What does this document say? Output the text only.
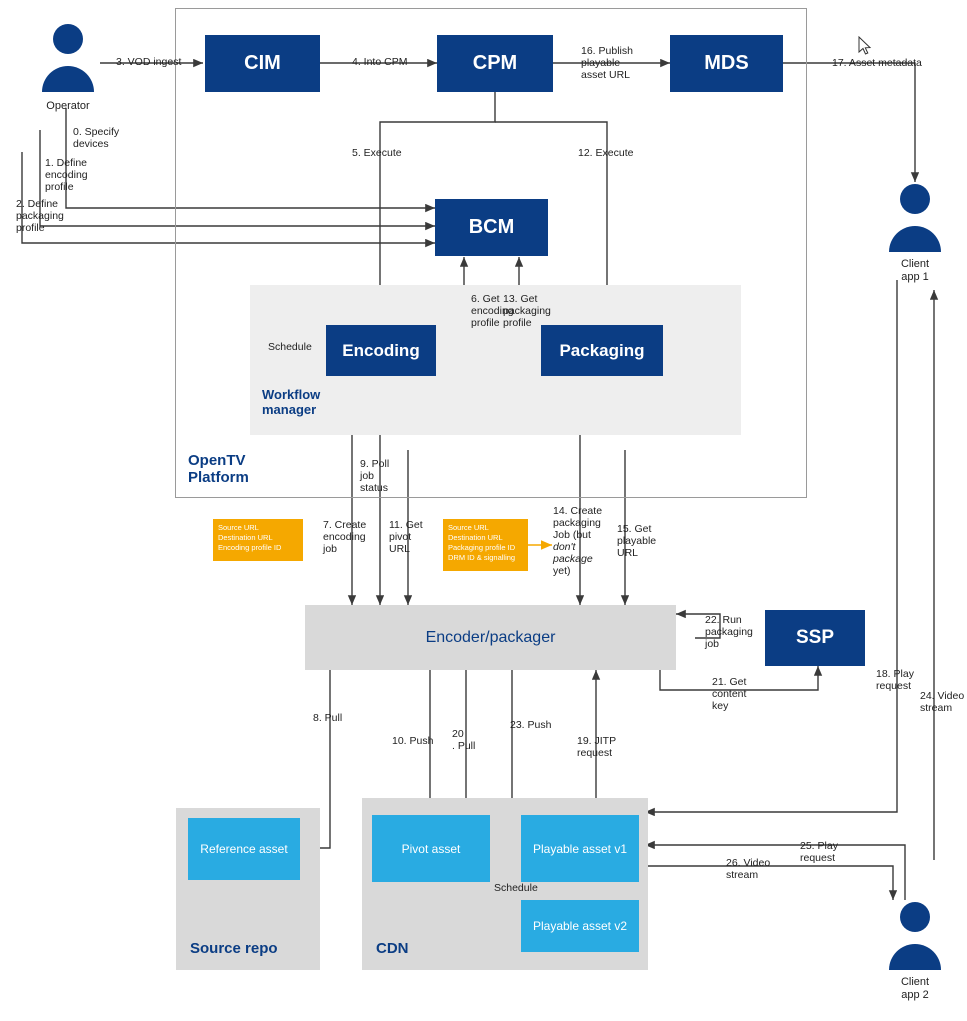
OpenTV
Platform
Workflow
manager
CIM	CPM	MDS
BCM
Encoding	Packaging
Encoder/packager	SSP
Source repo
Reference asset
CDN
Pivot asset	Playable asset v1
Playable asset v2
Source URL
Destination URL
Encoding profile ID
Source URL
Destination URL
Packaging profile ID
DRM ID & signalling
Operator
Client
app 1
Client
app 2
3. VOD ingest	4. Into CPM
16. Publish
playable
asset URL
17. Asset metadata
0. Specify
devices
1. Define
encoding
profile
2. Define
packaging
profile
5. Execute	12. Execute
6. Get
encoding
profile
13. Get
packaging
profile
Schedule
9. Poll
job
status
7. Create
encoding
job
11. Get
pivot
URL
14. Create
packaging
Job (but
don't
package
yet)
15. Get
playable
URL
8. Pull
10. Push
20
. Pull
23. Push
19. JITP
request
22. Run
packaging
job
21. Get
content
key
18. Play
request
24. Video
stream
25. Play
request
26. Video
stream
Schedule
